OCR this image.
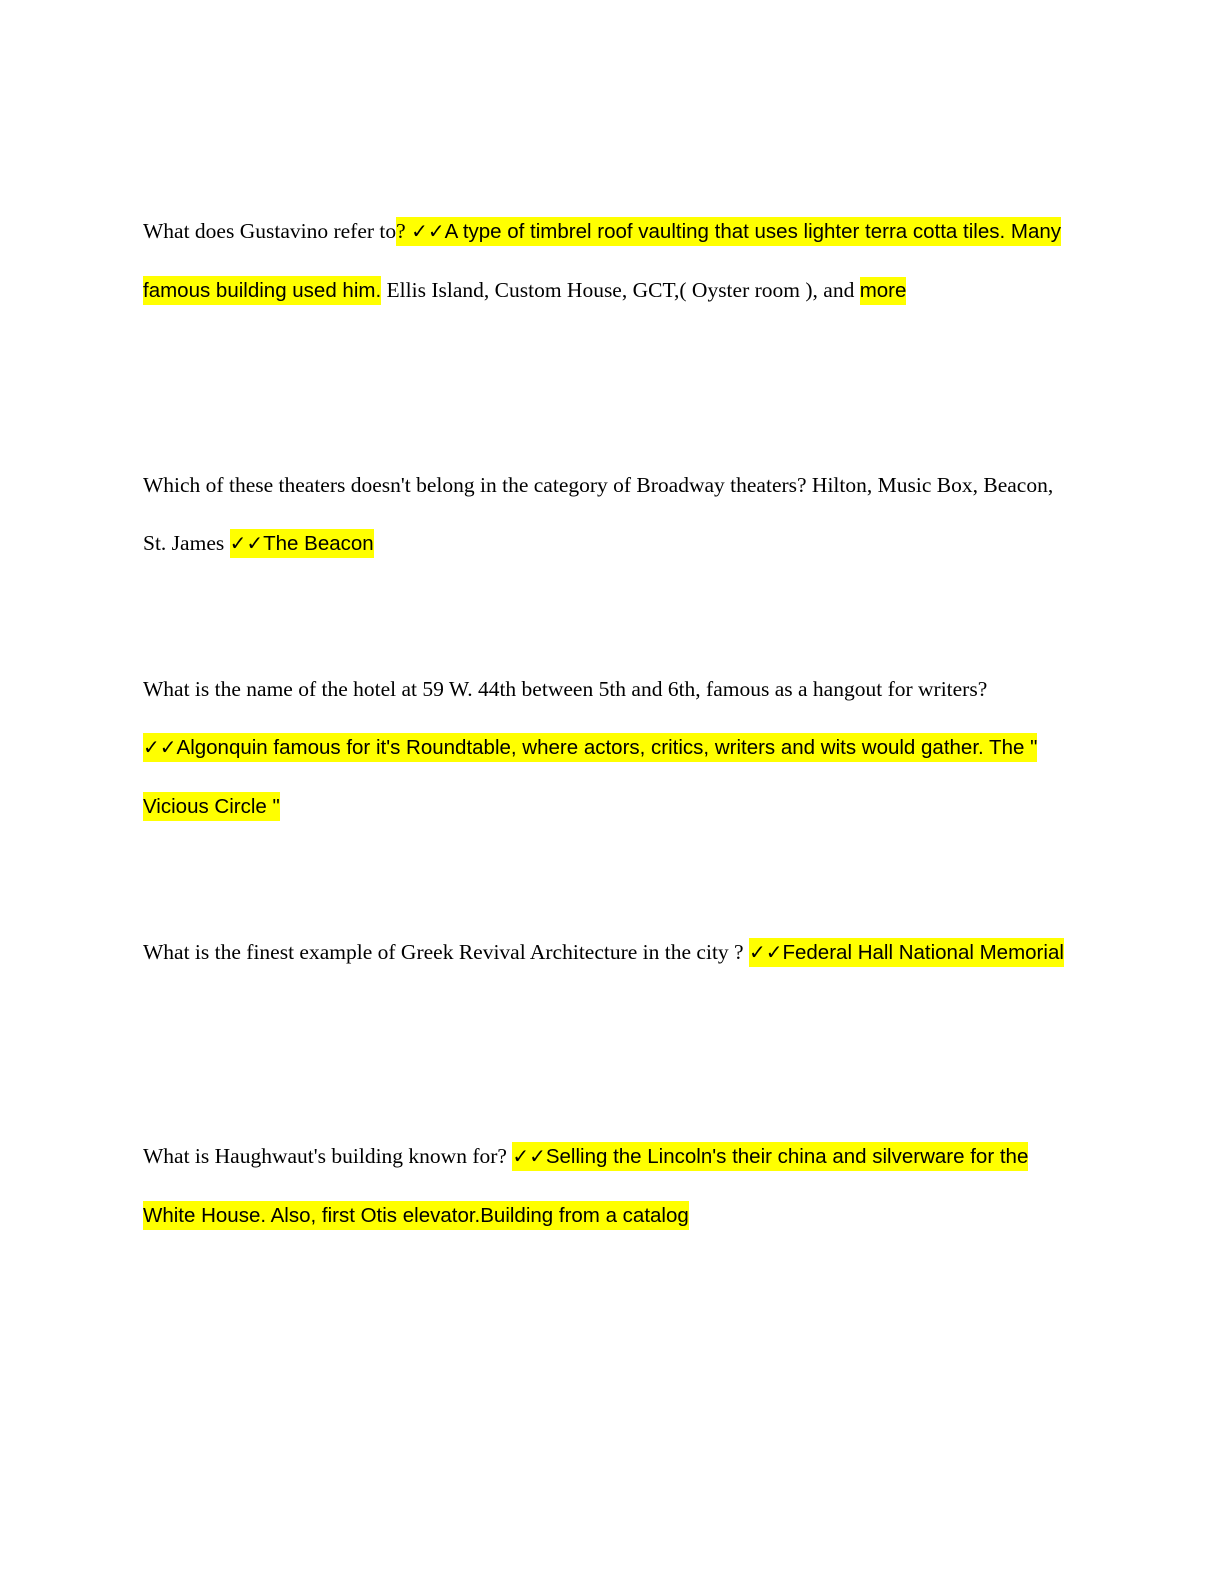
What does Gustavino refer to? ✓✓A type of timbrel roof vaulting that uses lighter terra cotta tiles. Many famous building used him. Ellis Island, Custom House, GCT,( Oyster room ), and more

Which of these theaters doesn't belong in the category of Broadway theaters? Hilton, Music Box, Beacon, St. James ✓✓The Beacon

What is the name of the hotel at 59 W. 44th between 5th and 6th, famous as a hangout for writers? ✓✓Algonquin famous for it's Roundtable, where actors, critics, writers and wits would gather. The " Vicious Circle "

What is the finest example of Greek Revival Architecture in the city ? ✓✓Federal Hall National Memorial

What is Haughwaut's building known for? ✓✓Selling the Lincoln's their china and silverware for the White House. Also, first Otis elevator.Building from a catalog
